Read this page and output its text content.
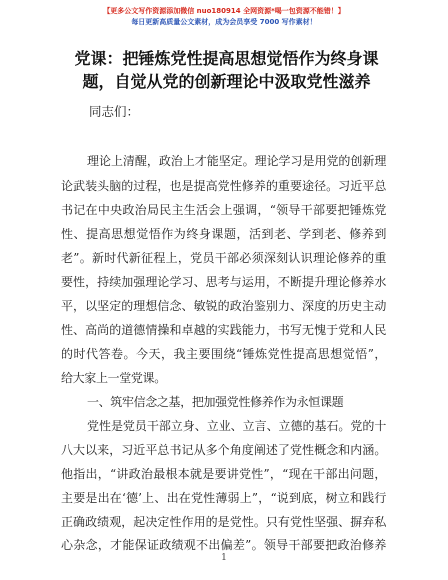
【更多公文写作资源添加微信 nuo180914 全网资源*喝一包资源不能错！】
每日更新高质量公文素材，成为会员享受 7000 写作素材！
党课：把锤炼党性提高思想觉悟作为终身课
题，自觉从党的创新理论中汲取党性滋养
同志们：
理论上清醒，政治上才能坚定。理论学习是用党的创新理
论武装头脑的过程，也是提高党性修养的重要途径。习近平总
书记在中央政治局民主生活会上强调，“领导干部要把锤炼党
性、提高思想觉悟作为终身课题，活到老、学到老、修养到
老”。新时代新征程上，党员干部必须深刻认识理论修养的重
要性，持续加强理论学习、思考与运用，不断提升理论修养水
平，以坚定的理想信念、敏锐的政治鉴别力、深度的历史主动
性、高尚的道德情操和卓越的实践能力，书写无愧于党和人民
的时代答卷。今天，我主要围绕“锤炼党性提高思想觉悟”，
给大家上一堂党课。
一、筑牢信念之基，把加强党性修养作为永恒课题
党性是党员干部立身、立业、立言、立德的基石。党的十
八大以来，习近平总书记从多个角度阐述了党性概念和内涵。
他指出，“讲政治最根本就是要讲党性”，“现在干部出问题，
主要是出在‘德’上、出在党性薄弱上”，“说到底，树立和践行
正确政绩观，起决定性作用的是党性。只有党性坚强、摒弃私
心杂念，才能保证政绩观不出偏差”。领导干部要把政治修养
1
